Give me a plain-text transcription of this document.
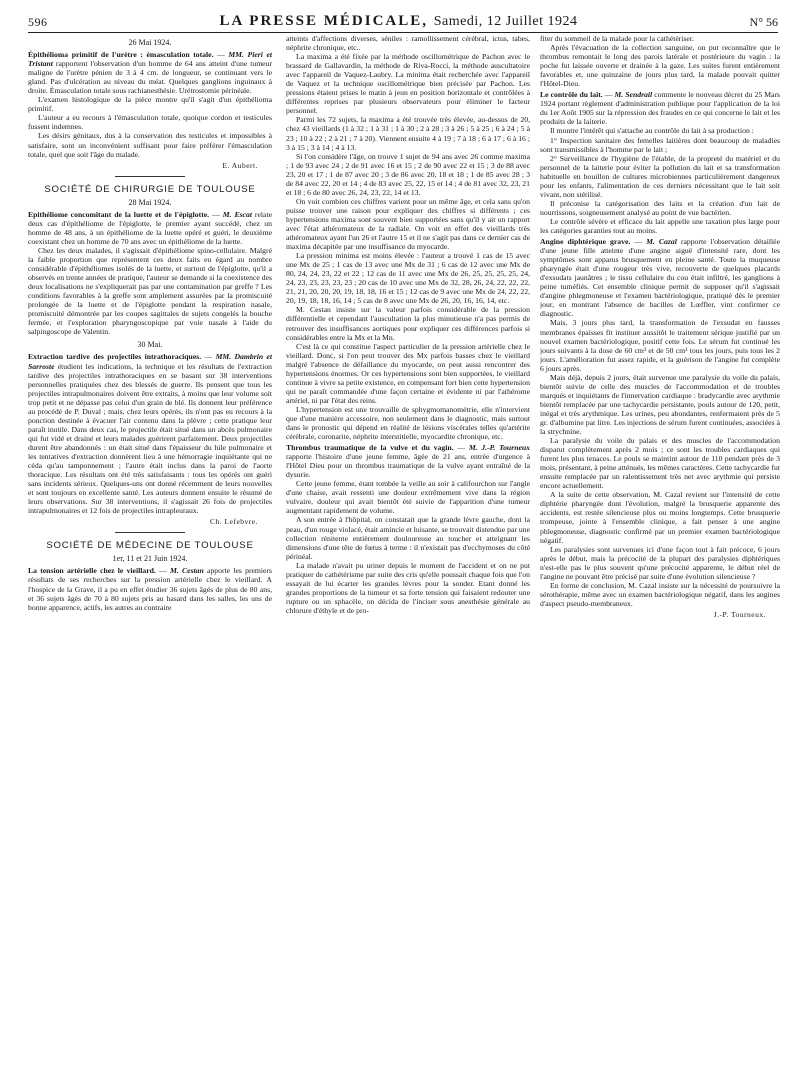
596	LA PRESSE MÉDICALE, Samedi, 12 Juillet 1924	N° 56
26 Mai 1924.

Épithélioma primitif de l'urètre : émasculation totale. — MM. Pieri et Tristant rapportent l'observation d'un homme de 64 ans atteint d'une tumeur maligne de l'urètre pénien de 3 à 4 cm. de longueur, se continuant vers le gland. Pas d'ulcération au niveau du méat. Quelques ganglions inguinaux à droite. Émasculation totale sous rachianesthésie. Urétrostomie périnéale.

L'examen histologique de la pièce montre qu'il s'agit d'un épithélioma primitif.

L'auteur a eu recours à l'émasculation totale, quoique cordon et testicules fussent indemnes.

Les désirs génitaux, dus à la conservation des testicules et impossibles à satisfaire, sont un inconvénient suffisant pour faire préférer l'émasculation totale, quel que soit l'âge du malade.

E. Aubert.
SOCIÉTÉ DE CHIRURGIE DE TOULOUSE
28 Mai 1924.

Epithéliome concomitant de la luette et de l'épiglotte. — M. Escat relate deux cas d'épithéliome de l'épiglotte, le premier ayant succédé, chez un homme de 48 ans, à un épithéliome de la luette opéré et guéri, le deuxième coexistant chez un homme de 70 ans avec un épithéliome de la luette.

Chez les deux malades, il s'agissait d'épithéliome spino-cellulaire. Malgré la faible proportion que représentent ces deux faits eu égard au nombre considérable d'épithéliomes isolés de la luette, et surtout de l'épiglotte, qu'il a observés en trente années de pratique, l'auteur se demande si la coexistence des deux localisations ne s'expliquerait pas par une contamination par greffe ? Les conditions favorables à la greffe sont amplement assurées par la promiscuité prolongée de la luette et de l'épiglotte pendant la respiration nasale, promiscuité démontrée par les coupes sagittales de sujets congelés la bouche fermée, et l'exploration pharyngoscopique par voie nasale à l'aide du salpingoscope de Valentin.

30 Mai.

Extraction tardive des projectiles intrathoraciques. — MM. Dambrin et Sarroste étudient les indications, la technique et les résultats de l'extraction tardive des projectiles intrathoraciques en se basant sur 38 interventions personnelles pratiquées chez des blessés de guerre. Ils pensent que tous les projectiles intrapulmonaires doivent être extraits, à moins que leur volume soit trop petit et ne dépasse pas celui d'un grain de blé. Ils donnent leur préférence au procédé de P. Duval ; mais, chez leurs opérés, ils n'ont pas eu recours à la ponction destinée à évacuer l'air contenu dans la plèvre ; cette pratique leur paraît inutile. Dans deux cas, le projectile était situé dans un abcès pulmonaire qui fut vidé et drainé et leurs malades guérirent parfaitement. Deux projectiles durent être abandonnés : un était situé dans l'épaisseur du hile pulmonaire et les tentatives d'extraction donnèrent lieu à une hémorragie inquiétante qui ne céda qu'au tamponnement ; l'autre était inclus dans la paroi de l'aorte thoracique. Les résultats ont été très satisfaisants : tous les opérés ont guéri sans incidents sérieux. Quelques-uns ont donné récemment de leurs nouvelles et sont toujours en excellente santé. Les auteurs donnent ensuite le résumé de leurs observations. Sur 38 interventions, il s'agissait 26 fois de projectiles intrapulmonaires et 12 fois de projectiles intrapleuraux.

Ch. Lefebvre.
SOCIÉTÉ DE MÉDECINE DE TOULOUSE
1er, 11 et 21 Juin 1924.

La tension artérielle chez le vieillard. — M. Cestan apporte les premiers résultats de ses recherches sur la pression artérielle chez le vieillard. A l'hospice de la Grave, il a pu en effet étudier 36 sujets âgés de plus de 80 ans, et 36 sujets âgés de 70 à 80 sujets pris au hasard dans les salles, les uns de bonne apparence, actifs, les autres au contraire

atteints d'affections diverses, séniles : ramollissement cérébral, ictus, tabes, néphrite chronique, etc..

La maxima a été fixée par la méthode oscillométrique de Pachon avec le brassard de Gallavardin, la méthode de Riva-Rocci, la méthode auscultatoire avec l'appareil de Vaquez-Laubry. La minima était recherchée avec l'appareil de Vaquez et la technique oscillométrique bien précisée par Pachon. Les pressions étaient prises le matin à jeun en position horizontale et contrôlées à différentes reprises par plusieurs observateurs pour éliminer le facteur personnel.

Parmi les 72 sujets, la maxima a été trouvée très élevée, au-dessus de 20, chez 43 vieillards (1 à 32 ; 1 à 31 ; 1 à 30 ; 2 à 28 ; 3 à 26 ; 5 à 25 ; 6 à 24 ; 5 à 23 ; 10 à 22 ; 2 à 21 ; 7 à 20). Viennent ensuite 4 à 19 ; 7 à 18 ; 6 à 17 ; 6 à 16 ; 3 à 15 ; 3 à 14 ; 4 à 13.

Si l'on considère l'âge, on trouve 1 sujet de 94 ans avec 26 comme maxima ; 1 de 93 avec 24 ; 2 de 91 avec 16 et 15 ; 2 de 90 avec 22 et 15 ; 3 de 88 avec 23, 20 et 17 ; 1 de 87 avec 20 ; 3 de 86 avec 20, 18 et 18 ; 1 de 85 avec 28 ; 3 de 84 avec 22, 20 et 14 ; 4 de 83 avec 25, 22, 15 et 14 ; 4 de 81 avec 32, 23, 21 et 18 ; 6 de 80 avec 26, 24, 23, 22, 14 et 13.

On voit combien ces chiffres varient pour un même âge, et cela sans qu'on puisse trouver une raison pour expliquer des chiffres si différents ; ces hypertensions maxima sont souvent bien supportées sans qu'il y ait un rapport avec l'état athéromateux de la radiale. On voit en effet des vieillards très athéromateux ayant l'un 26 et l'autre 15 et il ne s'agit pas dans ce dernier cas de maxima décapitée par une insuffisance du myocarde.

La pression minima est moins élevée : l'auteur a trouvé 1 cas de 15 avec une Mx de 25 ; 1 cas de 13 avec une Mx de 31 ; 6 cas de 12 avec une Mx de 80, 24, 24, 23, 22 et 22 ; 12 cas de 11 avec une Mx de 26, 25, 25, 25, 25, 24, 24, 23, 23, 23, 23, 23 ; 20 cas de 10 avec une Mx de 32, 28, 26, 24, 22, 22, 22, 21, 21, 20, 20, 20, 19, 18, 18, 16 et 15 ; 12 cas de 9 avec une Mx de 24, 22, 22, 20, 19, 18, 18, 16, 14 ; 5 cas de 8 avec une Mx de 26, 20, 16, 16, 14, etc.

M. Cestan insiste sur la valeur parfois considérable de la pression différentielle et cependant l'auscultation la plus minutieuse n'a pas permis de retrouver des insuffisances aortiques pour expliquer ces différences parfois si considérables entre la Mx et la Mn.

C'est là ce qui constitue l'aspect particulier de la pression artérielle chez le vieillard. Donc, si l'on peut trouver des Mx parfois basses chez le vieillard malgré l'absence de défaillance du myocarde, on peut aussi rencontrer des hypertensions énormes. Or ces hypertensions sont bien supportées, le vieillard continue à vivre sa petite existence, en compensant fort bien cette hypertension qui ne paraît commandée d'une façon certaine et évidente ni par l'athérome artériel, ni par l'état des reins.

L'hypertension est une trouvaille de sphygmomanométrie, elle n'intervient que d'une manière accessoire, non seulement dans le diagnostic, mais surtout dans le pronostic qui dépend en réalité de lésions viscérales telles qu'artérite cérébrale, coronarite, néphrite interstitielle, myocardite chronique, etc.

Thrombus traumatique de la vulve et du vagin. — M. J.-P. Tourneux rapporte l'histoire d'une jeune femme, âgée de 21 ans, entrée d'urgence à l'Hôtel Dieu pour un thrombus traumatique de la vulve ayant entraîné de la dysurie.

Cette jeune femme, étant tombée la veille au soir à califourchon sur l'angle d'une chaise, avait ressenti une douleur extrêmement vive dans la région vulvaire, douleur qui avait bientôt été suivie de l'apparition d'une tumeur augmentant rapidement de volume.

A son entrée à l'hôpital, on constatait que la grande lèvre gauche, dont la peau, d'un rouge violacé, était amincie et luisante, se trouvait distendue par une collection rénitente entièrement douloureuse au toucher et atteignant les dimensions d'une tête de fœtus à terme : il n'existait pas d'ecchymoses du côté périnéal.

La malade n'avait pu uriner depuis le moment de l'accident et on ne put pratiquer de cathétérisme par suite des cris qu'elle poussait chaque fois que l'on essayait de lui écarter les grandes lèvres pour la sonder. Etant donné les grandes proportions de la tumeur et sa forte tension qui faisaient redouter une rupture ou un sphacèle, on décida de l'inciser sous anesthésie générale au chlorure d'éthyle et de pro-

fiter du sommeil de la malade pour la cathétériser.

Après l'évacuation de la collection sanguine, on put reconnaître que le thrombus remontait le long des parois latérale et postérieure du vagin : la poche fut laissée ouverte et drainée à la gaze. Les suites furent entièrement favorables et, une quinzaine de jours plus tard, la malade pouvait quitter l'Hôtel-Dieu.

Le contrôle du lait. — M. Sendrail commente le nouveau décret du 25 Mars 1924 portant règlement d'administration publique pour l'application de la loi du 1er Août 1905 sur la répression des fraudes en ce qui concerne le lait et les produits de la laiterie.

Il montre l'intérêt qui s'attache au contrôle du lait à sa production :

1° Inspection sanitaire des femelles laitières dont beaucoup de maladies sont transmissibles à l'homme par le lait ;

2° Surveillance de l'hygiène de l'étable, de la propreté du matériel et du personnel de la laiterie pour éviter la pollution du lait et sa transformation habituelle en bouillon de cultures microbiennes particulièrement dangereux pour les enfants, l'alimentation de ces derniers nécessitant que le lait soit vivant, non stérilisé.

Il préconise la catégorisation des laits et la création d'un lait de nourrissons, soigneusement analysé au point de vue bactérien.

Le contrôle sévère et efficace du lait appelle une taxation plus large pour les catégories garanties tout au moins.

Angine diphtérique grave. — M. Cazal rapporte l'observation détaillée d'une jeune fille atteinte d'une angine aiguë d'intensité rare, dont les symptômes sont apparus brusquement en pleine santé. Toute la muqueuse pharyngée était d'une rougeur très vive, recouverte de quelques placards d'exsudats jaunâtres ; le tissu cellulaire du cou était infiltré, les ganglions à peine tuméfiés. Cet ensemble clinique permit de supposer qu'il s'agissait d'angine phlegmoneuse et l'examen bactériologique, pratiqué dès le premier jour, en montrant l'absence de bacilles de Lœffler, vint confirmer ce diagnostic.

Mais, 3 jours plus tard, la transformation de l'exsudat en fausses membranes épaisses fit instituer aussitôt le traitement sérique justifié par un nouvel examen bactériologique, positif cette fois. Le sérum fut continué les jours suivants à la dose de 60 cm³ et de 50 cm³ tous les jours, puis tous les 2 jours. L'amélioration fut assez rapide, et la guérison de l'angine fut complète 6 jours après.

Mais déjà, depuis 2 jours, était survenue une paralysie du voile du palais, bientôt suivie de celle des muscles de l'accommodation et de troubles marqués et inquiétants de l'innervation cardiaque : bradycardie avec arythmie bientôt remplacée par une tachycardie persistante, pouls autour de 120, petit, inégal et très arythmique. Les urines, peu abondantes, renfermaient près de 5 gr. d'albumine par litre. Les injections de sérum furent continuées, associées à la strychnine.

La paralysie du voile du palais et des muscles de l'accommodation disparut complètement après 2 mois ; ce sont les troubles cardiaques qui furent les plus tenaces. Le pouls se maintint autour de 110 pendant près de 3 mois, présentant, à peine atténués, les mêmes caractères. Cette tachycardie fut ensuite remplacée par un ralentissement très net avec arythmie qui persiste encore actuellement.

A la suite de cette observation, M. Cazal revient sur l'intensité de cette diphtérie pharyngée dont l'évolution, malgré la brusquerie apparente des accidents, est restée silencieuse plus ou moins longtemps. Cette brusquerie trompeuse, jointe à l'ensemble clinique, a fait penser à une angine phlegmoneuse, diagnostic confirmé par un premier examen bactériologique négatif.

Les paralysies sont survenues ici d'une façon tout à fait précoce, 6 jours après le début, mais la précocité de la plupart des paralysies diphtériques n'est-elle pas le plus souvent qu'une précocité apparente, le début réel de l'angine ne pouvant être précisé par suite d'une évolution silencieuse ?

En forme de conclusion, M. Cazal insiste sur la nécessité de poursuivre la sérothérapie, même avec un examen bactériologique négatif, dans les angines d'aspect pseudo-membraneux.

J.-P. Tourneux.
